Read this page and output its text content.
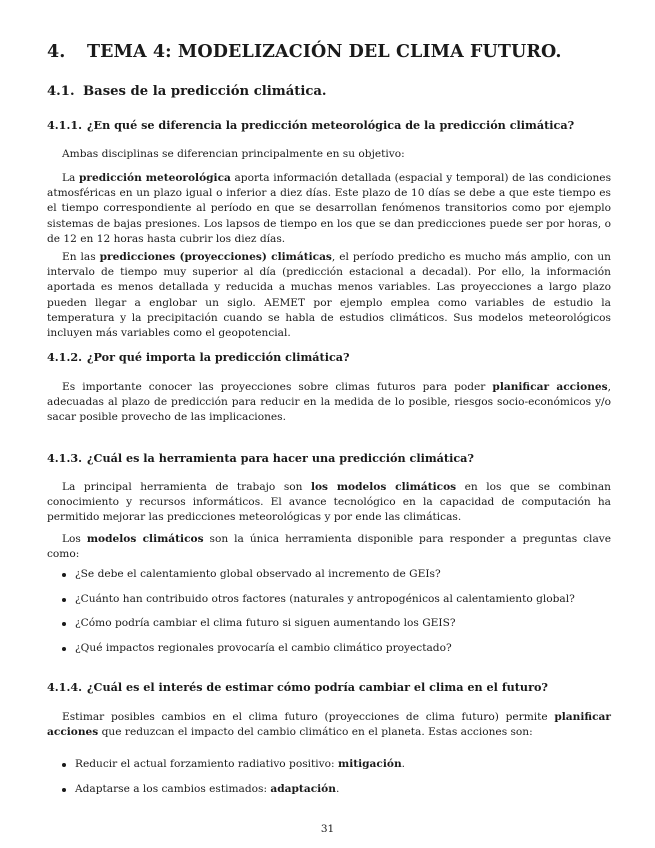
4. TEMA 4: MODELIZACIÓN DEL CLIMA FUTURO.
4.1. Bases de la predicción climática.
4.1.1. ¿En qué se diferencia la predicción meteorológica de la predicción climática?

Ambas disciplinas se diferencian principalmente en su objetivo:

La predicción meteorológica aporta información detallada (espacial y temporal) de las condiciones atmosféricas en un plazo igual o inferior a diez días. Este plazo de 10 días se debe a que este tiempo es el tiempo correspondiente al período en que se desarrollan fenómenos transitorios como por ejemplo sistemas de bajas presiones. Los lapsos de tiempo en los que se dan predicciones puede ser por horas, o de 12 en 12 horas hasta cubrir los diez días.

En las predicciones (proyecciones) climáticas, el período predicho es mucho más amplio, con un intervalo de tiempo muy superior al día (predicción estacional a decadal). Por ello, la información aportada es menos detallada y reducida a muchas menos variables. Las proyecciones a largo plazo pueden llegar a englobar un siglo. AEMET por ejemplo emplea como variables de estudio la temperatura y la precipitación cuando se habla de estudios climáticos. Sus modelos meteorológicos incluyen más variables como el geopotencial.

4.1.2. ¿Por qué importa la predicción climática?

Es importante conocer las proyecciones sobre climas futuros para poder planificar acciones, adecuadas al plazo de predicción para reducir en la medida de lo posible, riesgos socio-económicos y/o sacar posible provecho de las implicaciones.

4.1.3. ¿Cuál es la herramienta para hacer una predicción climática?

La principal herramienta de trabajo son los modelos climáticos en los que se combinan conocimiento y recursos informáticos. El avance tecnológico en la capacidad de computación ha permitido mejorar las predicciones meteorológicas y por ende las climáticas.

Los modelos climáticos son la única herramienta disponible para responder a preguntas clave como:

¿Se debe el calentamiento global observado al incremento de GEIs?
¿Cuánto han contribuido otros factores (naturales y antropogénicos al calentamiento global?
¿Cómo podría cambiar el clima futuro si siguen aumentando los GEIS?
¿Qué impactos regionales provocaría el cambio climático proyectado?
4.1.4. ¿Cuál es el interés de estimar cómo podría cambiar el clima en el futuro?

Estimar posibles cambios en el clima futuro (proyecciones de clima futuro) permite planificar acciones que reduzcan el impacto del cambio climático en el planeta. Estas acciones son:

Reducir el actual forzamiento radiativo positivo: mitigación.
Adaptarse a los cambios estimados: adaptación.
31
